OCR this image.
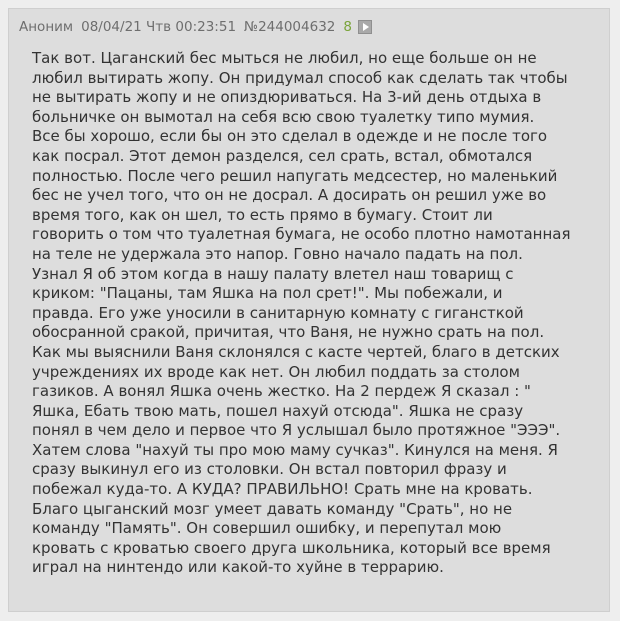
Аноним 08/04/21 Чтв 00:23:51 №244004632 8

Так вот. Цаганский бес мыться не любил, но еще больше он не

любил вытирать жопу. Он придумал способ как сделать так чтобы

не вытирать жопу и не опиздюриваться. На 3-ий день отдыха в

больничке он вымотал на себя всю свою туалетку типо мумия.

Все бы хорошо, если бы он это сделал в одежде и не после того

как посрал. Этот демон разделся, сел срать, встал, обмотался

полностью. После чего решил напугать медсестер, но маленький

бес не учел того, что он не досрал. А досирать он решил уже во

время того, как он шел, то есть прямо в бумагу. Стоит ли

говорить о том что туалетная бумага, не особо плотно намотанная

на теле не удержала это напор. Говно начало падать на пол.

Узнал Я об этом когда в нашу палату влетел наш товарищ с

криком: "Пацаны, там Яшка на пол срет!". Мы побежали, и

правда. Его уже уносили в санитарную комнату с гигансткой

обосранной сракой, причитая, что Ваня, не нужно срать на пол.

Как мы выяснили Ваня склонялся с касте чертей, благо в детских

учреждениях их вроде как нет. Он любил поддать за столом

газиков. А вонял Яшка очень жестко. На 2 пердеж Я сказал : "

Яшка, Ебать твою мать, пошел нахуй отсюда". Яшка не сразу

понял в чем дело и первое что Я услышал было протяжное "ЭЭЭ".

Хатем слова "нахуй ты про мою маму сучказ". Кинулся на меня. Я

сразу выкинул его из столовки. Он встал повторил фразу и

побежал куда-то. А КУДА? ПРАВИЛЬНО! Срать мне на кровать.

Благо цыганский мозг умеет давать команду "Срать", но не

команду "Память". Он совершил ошибку, и перепутал мою

кровать с кроватью своего друга школьника, который все время

играл на нинтендо или какой-то хуйне в террарию.
